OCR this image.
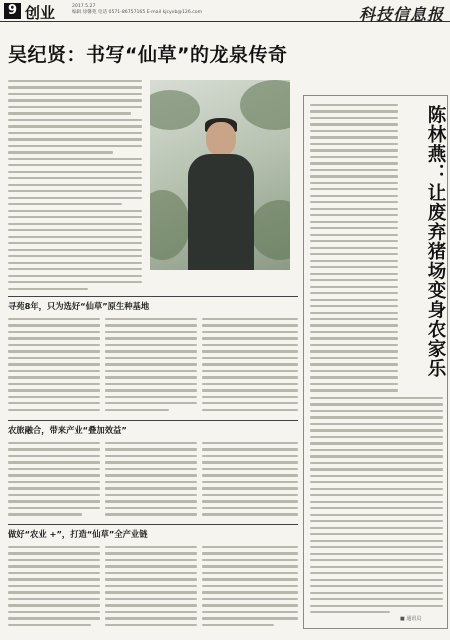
9 创业	2017.5.27
编辑 徐馨苑 电话 0571-86757165 E-mail kjcyxb@126.com	科技信息报
吴纪贤：书写“仙草”的龙泉传奇
寻苑8年，只为选好“仙草”原生种基地
农旅融合，带来产业“叠加效益”
做好“农业 +”，打造“仙草”全产业链
陈林燕：让废弃猪场变身农家乐
■ 通讯员
